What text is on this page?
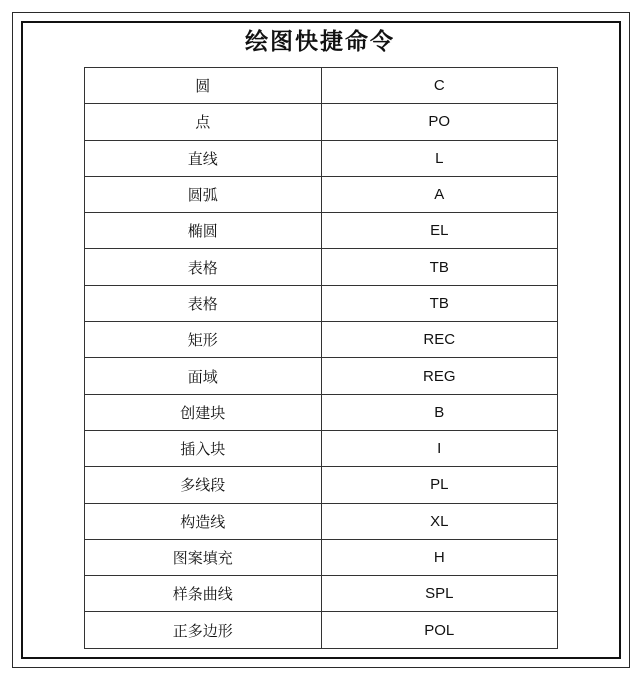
绘图快捷命令
圆	C
点	PO
直线	L
圆弧	A
椭圆	EL
表格	TB
表格	TB
矩形	REC
面域	REG
创建块	B
插入块	I
多线段	PL
构造线	XL
图案填充	H
样条曲线	SPL
正多边形	POL
